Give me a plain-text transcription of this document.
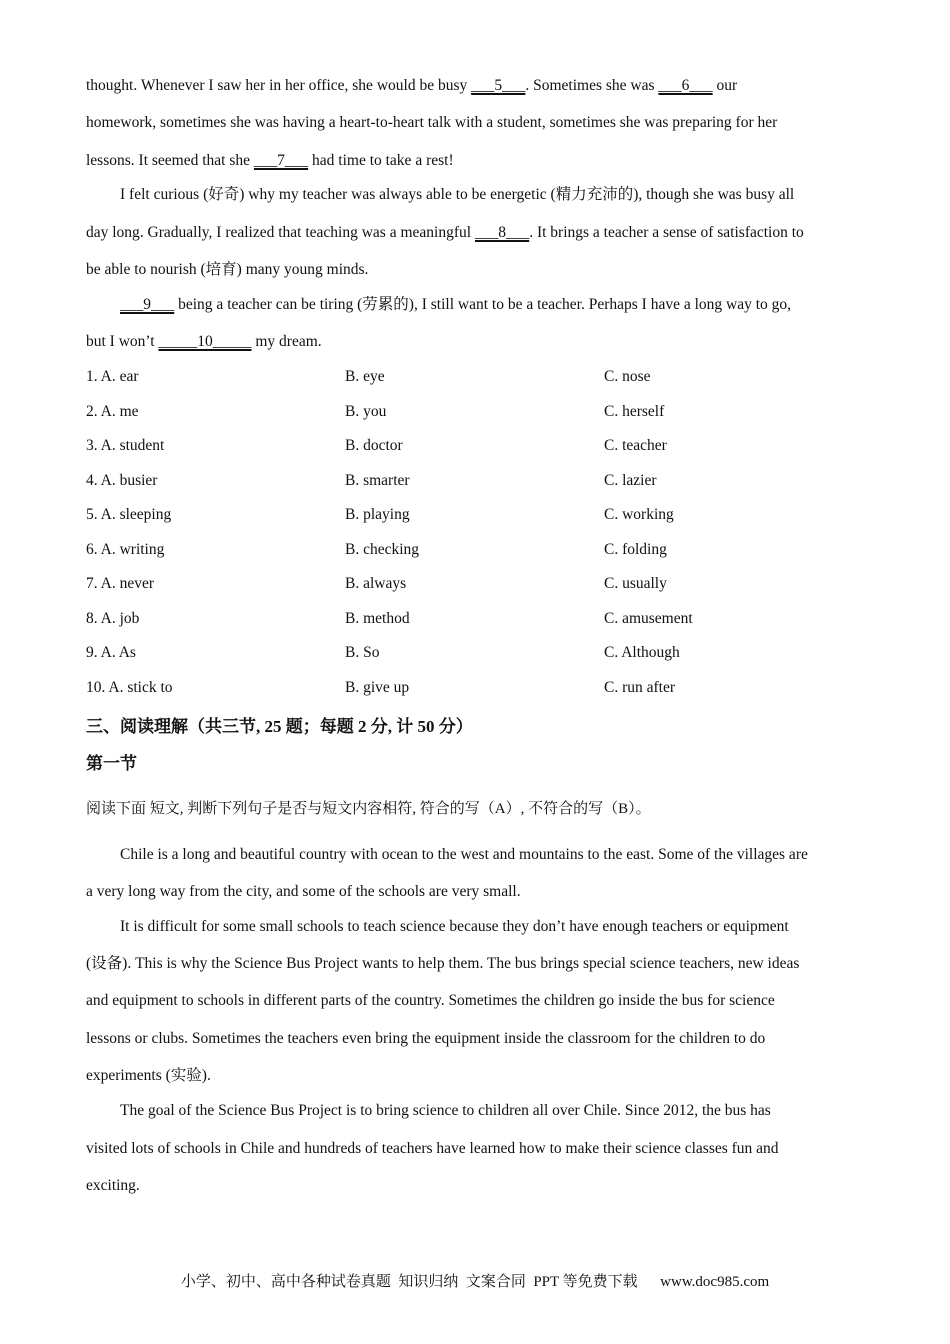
thought. Whenever I saw her in her office, she would be busy ___5___. Sometimes she was ___6___ our
homework, sometimes she was having a heart-to-heart talk with a student, sometimes she was preparing for her
lessons. It seemed that she ___7___ had time to take a rest!
I felt curious (好奇) why my teacher was always able to be energetic (精力充沛的), though she was busy all
day long. Gradually, I realized that teaching was a meaningful ___8___. It brings a teacher a sense of satisfaction to
be able to nourish (培育) many young minds.
___9___ being a teacher can be tiring (劳累的), I still want to be a teacher. Perhaps I have a long way to go,
but I won’t _____10_____ my dream.
1. A. ear	B. eye	C. nose
2. A. me	B. you	C. herself
3. A. student	B. doctor	C. teacher
4. A. busier	B. smarter	C. lazier
5. A. sleeping	B. playing	C. working
6. A. writing	B. checking	C. folding
7. A. never	B. always	C. usually
8. A. job	B. method	C. amusement
9. A. As	B. So	C. Although
10. A. stick to	B. give up	C. run after
三、阅读理解（共三节, 25 题；每题 2 分, 计 50 分）
第一节
阅读下面 短文, 判断下列句子是否与短文内容相符, 符合的写（A）, 不符合的写（B）。
Chile is a long and beautiful country with ocean to the west and mountains to the east. Some of the villages are
a very long way from the city, and some of the schools are very small.
It is difficult for some small schools to teach science because they don’t have enough teachers or equipment
(设备). This is why the Science Bus Project wants to help them. The bus brings special science teachers, new ideas
and equipment to schools in different parts of the country. Sometimes the children go inside the bus for science
lessons or clubs. Sometimes the teachers even bring the equipment inside the classroom for the children to do
experiments (实验).
The goal of the Science Bus Project is to bring science to children all over Chile. Since 2012, the bus has
visited lots of schools in Chile and hundreds of teachers have learned how to make their science classes fun and
exciting.
小学、初中、高中各种试卷真题  知识归纳  文案合同  PPT 等免费下载      www.doc985.com
